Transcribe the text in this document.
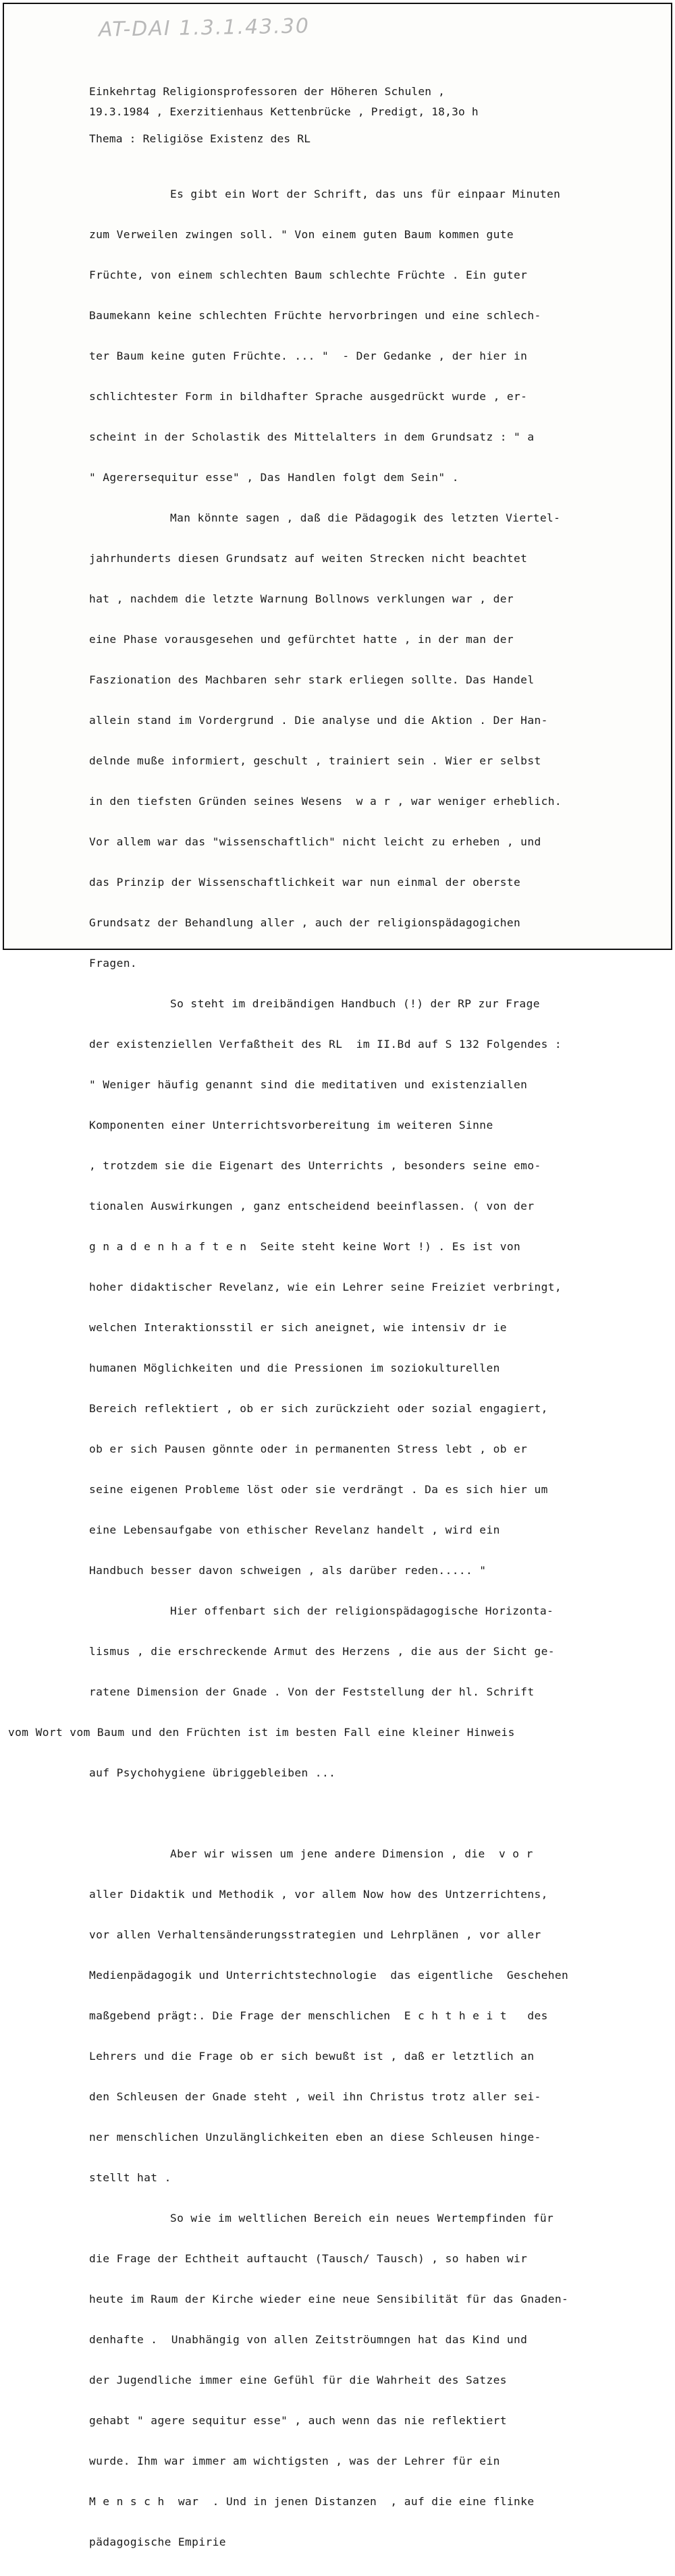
AT-DAI 1.3.1.43.30

Einkehrtag Religionsprofessoren der Höheren Schulen ,

19.3.1984 , Exerzitienhaus Kettenbrücke , Predigt, 18,3o h

Thema : Religiöse Existenz des RL

Es gibt ein Wort der Schrift, das uns für einpaar Minuten

zum Verweilen zwingen soll. " Von einem guten Baum kommen gute

Früchte, von einem schlechten Baum schlechte Früchte . Ein guter

Baumekann keine schlechten Früchte hervorbringen und eine schlech-

ter Baum keine guten Früchte. ... "  - Der Gedanke , der hier in

schlichtester Form in bildhafter Sprache ausgedrückt wurde , er-

scheint in der Scholastik des Mittelalters in dem Grundsatz : " a

" Agerersequitur esse" , Das Handlen folgt dem Sein" .

Man könnte sagen , daß die Pädagogik des letzten Viertel-

jahrhunderts diesen Grundsatz auf weiten Strecken nicht beachtet

hat , nachdem die letzte Warnung Bollnows verklungen war , der

eine Phase vorausgesehen und gefürchtet hatte , in der man der

Faszionation des Machbaren sehr stark erliegen sollte. Das Handel

allein stand im Vordergrund . Die analyse und die Aktion . Der Han-

delnde muße informiert, geschult , trainiert sein . Wier er selbst

in den tiefsten Gründen seines Wesens  w a r , war weniger erheblich.

Vor allem war das "wissenschaftlich" nicht leicht zu erheben , und

das Prinzip der Wissenschaftlichkeit war nun einmal der oberste

Grundsatz der Behandlung aller , auch der religionspädagogichen

Fragen.

So steht im dreibändigen Handbuch (!) der RP zur Frage

der existenziellen Verfaßtheit des RL  im II.Bd auf S 132 Folgendes :

" Weniger häufig genannt sind die meditativen und existenziallen

Komponenten einer Unterrichtsvorbereitung im weiteren Sinne

, trotzdem sie die Eigenart des Unterrichts , besonders seine emo-

tionalen Auswirkungen , ganz entscheidend beeinflassen. ( von der

g n a d e n h a f t e n  Seite steht keine Wort !) . Es ist von

hoher didaktischer Revelanz, wie ein Lehrer seine Freiziet verbringt,

welchen Interaktionsstil er sich aneignet, wie intensiv dr ie

humanen Möglichkeiten und die Pressionen im soziokulturellen

Bereich reflektiert , ob er sich zurückzieht oder sozial engagiert,

ob er sich Pausen gönnte oder in permanenten Stress lebt , ob er

seine eigenen Probleme löst oder sie verdrängt . Da es sich hier um

eine Lebensaufgabe von ethischer Revelanz handelt , wird ein

Handbuch besser davon schweigen , als darüber reden..... "

Hier offenbart sich der religionspädagogische Horizonta-

lismus , die erschreckende Armut des Herzens , die aus der Sicht ge-

ratene Dimension der Gnade . Von der Feststellung der hl. Schrift

vom Wort vom Baum und den Früchten ist im besten Fall eine kleiner Hinweis

auf Psychohygiene übriggebleiben ...

Aber wir wissen um jene andere Dimension , die  v o r

aller Didaktik und Methodik , vor allem Now how des Untzerrichtens,

vor allen Verhaltensänderungsstrategien und Lehrplänen , vor aller

Medienpädagogik und Unterrichtstechnologie  das eigentliche  Geschehen

maßgebend prägt:. Die Frage der menschlichen  E c h t h e i t   des

Lehrers und die Frage ob er sich bewußt ist , daß er letztlich an

den Schleusen der Gnade steht , weil ihn Christus trotz aller sei-

ner menschlichen Unzulänglichkeiten eben an diese Schleusen hinge-

stellt hat .

So wie im weltlichen Bereich ein neues Wertempfinden für

die Frage der Echtheit auftaucht (Tausch/ Tausch) , so haben wir

heute im Raum der Kirche wieder eine neue Sensibilität für das Gnaden-

denhafte .  Unabhängig von allen Zeitströumngen hat das Kind und

der Jugendliche immer eine Gefühl für die Wahrheit des Satzes

gehabt " agere sequitur esse" , auch wenn das nie reflektiert

wurde. Ihm war immer am wichtigsten , was der Lehrer für ein

M e n s c h  war  . Und in jenen Distanzen  , auf die eine flinke

pädagogische Empirie
